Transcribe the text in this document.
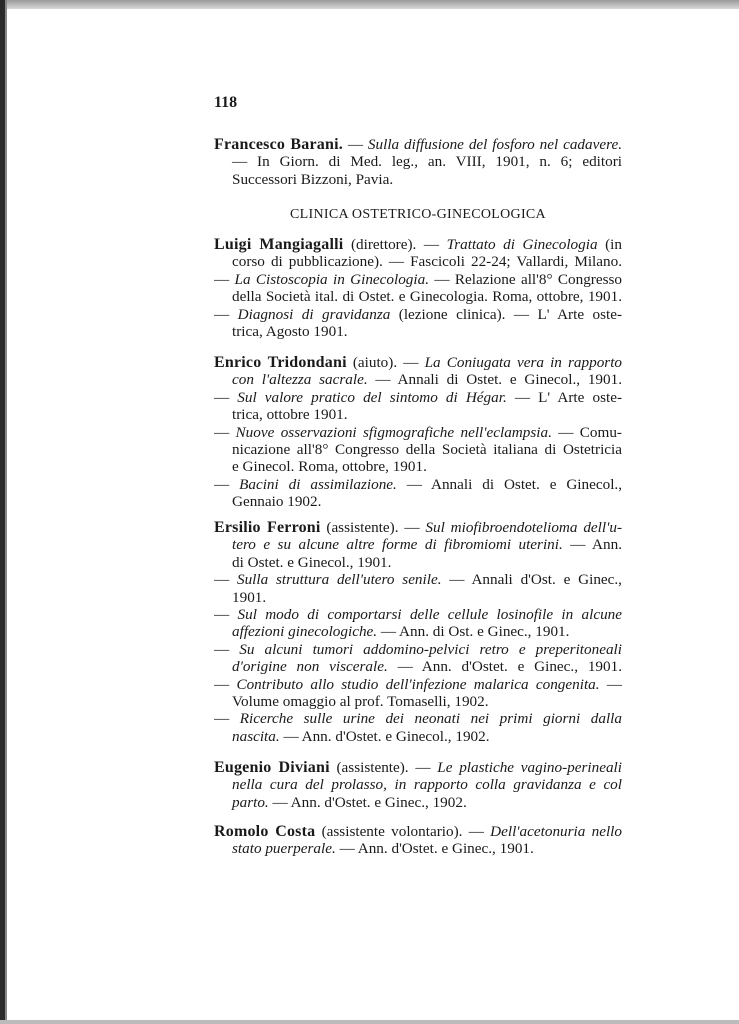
118
CLINICA OSTETRICO-GINECOLOGICA
Francesco Barani. — Sulla diffusione del fosforo nel cadavere.
— In Giorn. di Med. leg., an. VIII, 1901, n. 6; editori
Successori Bizzoni, Pavia.
Luigi Mangiagalli (direttore). — Trattato di Ginecologia (in
corso di pubblicazione). — Fascicoli 22-24; Vallardi, Milano.
— La Cistoscopia in Ginecologia. — Relazione all'8° Congresso
della Società ital. di Ostet. e Ginecologia. Roma, ottobre, 1901.
— Diagnosi di gravidanza (lezione clinica). — L' Arte oste-
trica, Agosto 1901.
Enrico Tridondani (aiuto). — La Coniugata vera in rapporto
con l'altezza sacrale. — Annali di Ostet. e Ginecol., 1901.
— Sul valore pratico del sintomo di Hégar. — L' Arte oste-
trica, ottobre 1901.
— Nuove osservazioni sfigmografiche nell'eclampsia. — Comu-
nicazione all'8° Congresso della Società italiana di Ostetricia
e Ginecol. Roma, ottobre, 1901.
— Bacini di assimilazione. — Annali di Ostet. e Ginecol.,
Gennaio 1902.
Ersilio Ferroni (assistente). — Sul miofibroendotelioma dell'u-
tero e su alcune altre forme di fibromiomi uterini. — Ann.
di Ostet. e Ginecol., 1901.
— Sulla struttura dell'utero senile. — Annali d'Ost. e Ginec.,
1901.
— Sul modo di comportarsi delle cellule losinofile in alcune
affezioni ginecologiche. — Ann. di Ost. e Ginec., 1901.
— Su alcuni tumori addomino-pelvici retro e preperitoneali
d'origine non viscerale. — Ann. d'Ostet. e Ginec., 1901.
— Contributo allo studio dell'infezione malarica congenita. —
Volume omaggio al prof. Tomaselli, 1902.
— Ricerche sulle urine dei neonati nei primi giorni dalla
nascita. — Ann. d'Ostet. e Ginecol., 1902.
Eugenio Diviani (assistente). — Le plastiche vagino-perineali
nella cura del prolasso, in rapporto colla gravidanza e col
parto. — Ann. d'Ostet. e Ginec., 1902.
Romolo Costa (assistente volontario). — Dell'acetonuria nello
stato puerperale. — Ann. d'Ostet. e Ginec., 1901.
